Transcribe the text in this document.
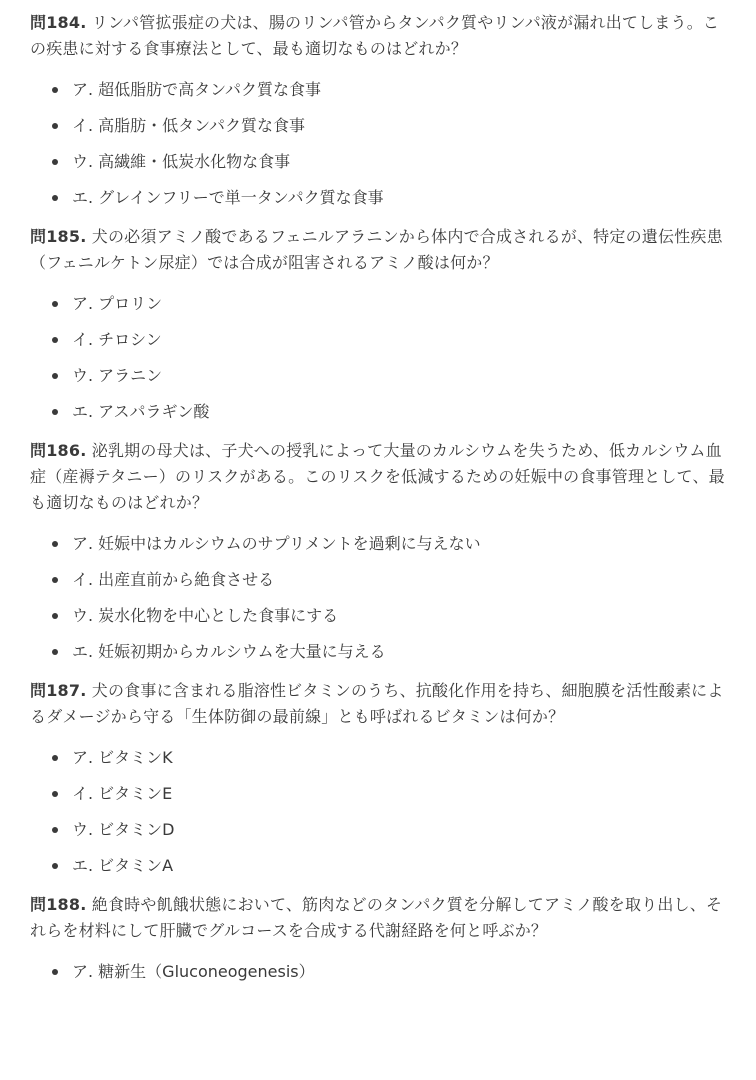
問184. リンパ管拡張症の犬は、腸のリンパ管からタンパク質やリンパ液が漏れ出てしまう。この疾患に対する食事療法として、最も適切なものはどれか？

ア. 超低脂肪で高タンパク質な食事
イ. 高脂肪・低タンパク質な食事
ウ. 高繊維・低炭水化物な食事
エ. グレインフリーで単一タンパク質な食事

問185. 犬の必須アミノ酸であるフェニルアラニンから体内で合成されるが、特定の遺伝性疾患（フェニルケトン尿症）では合成が阻害されるアミノ酸は何か？

ア. プロリン
イ. チロシン
ウ. アラニン
エ. アスパラギン酸

問186. 泌乳期の母犬は、子犬への授乳によって大量のカルシウムを失うため、低カルシウム血症（産褥テタニー）のリスクがある。このリスクを低減するための妊娠中の食事管理として、最も適切なものはどれか？

ア. 妊娠中はカルシウムのサプリメントを過剰に与えない
イ. 出産直前から絶食させる
ウ. 炭水化物を中心とした食事にする
エ. 妊娠初期からカルシウムを大量に与える

問187. 犬の食事に含まれる脂溶性ビタミンのうち、抗酸化作用を持ち、細胞膜を活性酸素によるダメージから守る「生体防御の最前線」とも呼ばれるビタミンは何か？

ア. ビタミンK
イ. ビタミンE
ウ. ビタミンD
エ. ビタミンA

問188. 絶食時や飢餓状態において、筋肉などのタンパク質を分解してアミノ酸を取り出し、それらを材料にして肝臓でグルコースを合成する代謝経路を何と呼ぶか？

ア. 糖新生（Gluconeogenesis）
